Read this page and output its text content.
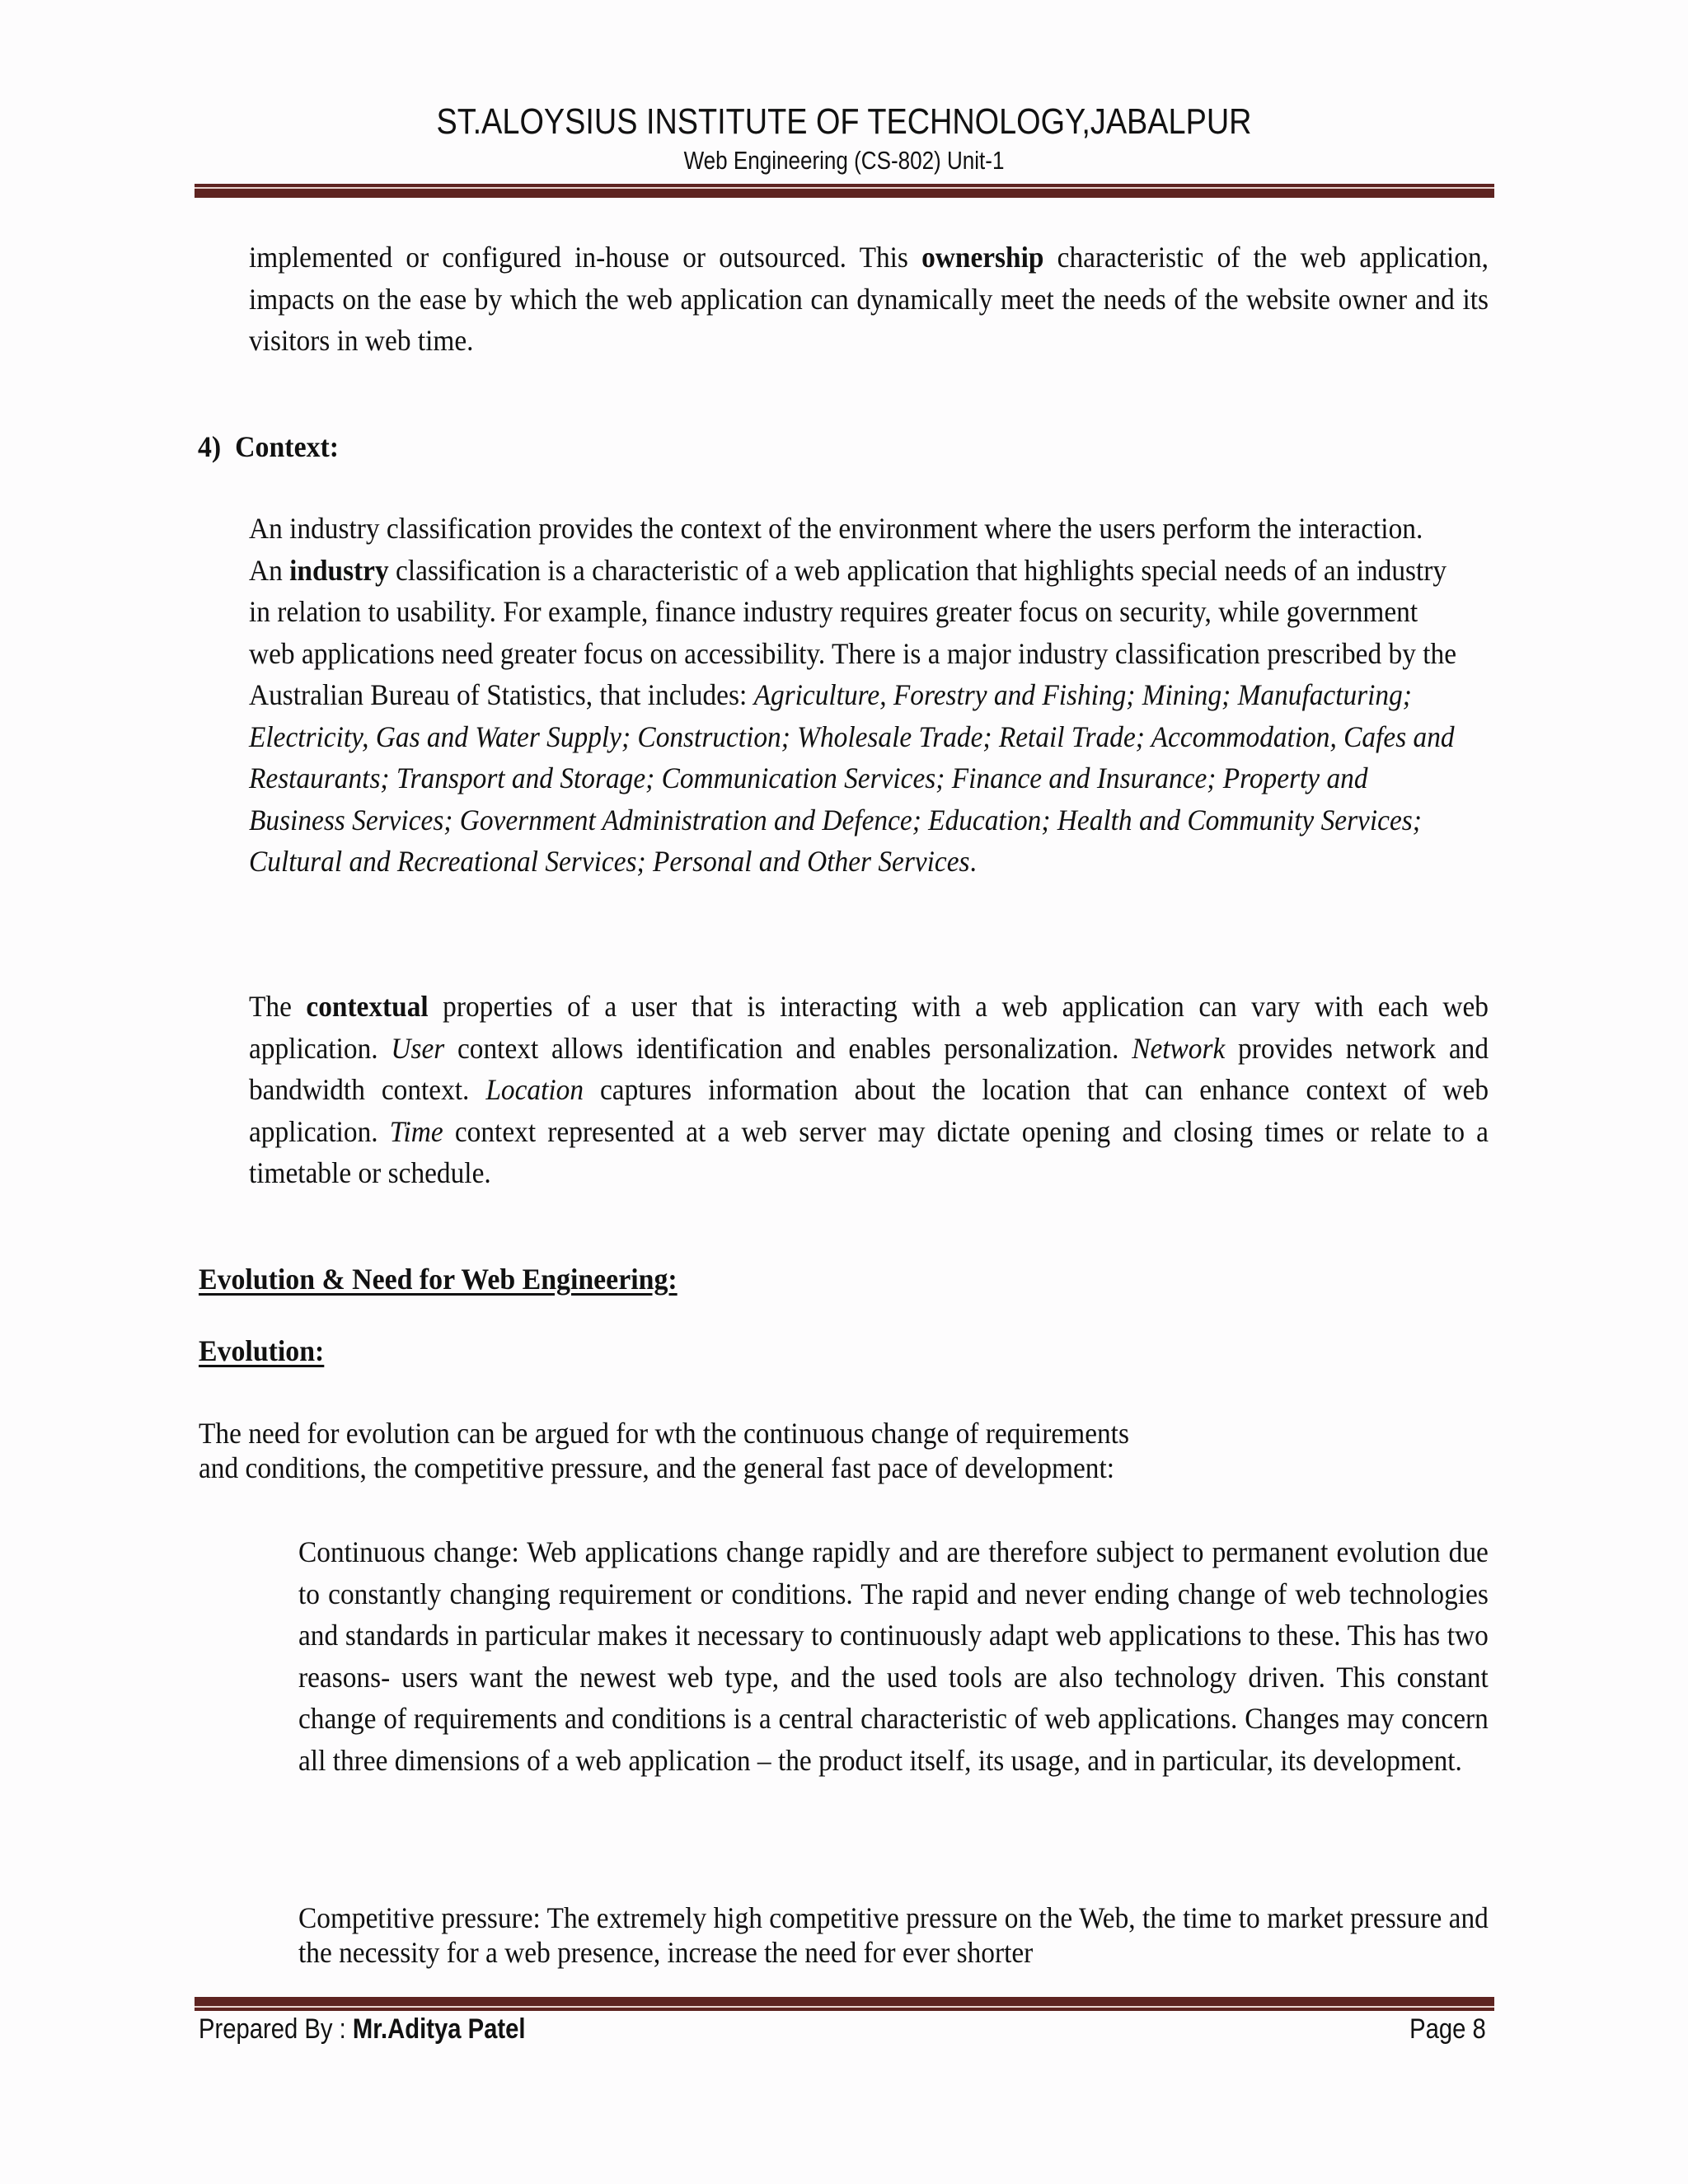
ST.ALOYSIUS INSTITUTE OF TECHNOLOGY,JABALPUR
Web Engineering (CS-802) Unit-1
implemented or configured in-house or outsourced. This ownership characteristic of the web application, impacts on the ease by which the web application can dynamically meet the needs of the website owner and its visitors in web time.
4) Context:
An industry classification provides the context of the environment where the users perform the interaction. An industry classification is a characteristic of a web application that highlights special needs of an industry in relation to usability. For example, finance industry requires greater focus on security, while government web applications need greater focus on accessibility. There is a major industry classification prescribed by the Australian Bureau of Statistics, that includes: Agriculture, Forestry and Fishing; Mining; Manufacturing; Electricity, Gas and Water Supply; Construction; Wholesale Trade; Retail Trade; Accommodation, Cafes and Restaurants; Transport and Storage; Communication Services; Finance and Insurance; Property and Business Services; Government Administration and Defence; Education; Health and Community Services; Cultural and Recreational Services; Personal and Other Services.
The contextual properties of a user that is interacting with a web application can vary with each web application. User context allows identification and enables personalization. Network provides network and bandwidth context. Location captures information about the location that can enhance context of web application. Time context represented at a web server may dictate opening and closing times or relate to a timetable or schedule.
Evolution & Need for Web Engineering:
Evolution:
The need for evolution can be argued for wth the continuous change of requirements
and conditions, the competitive pressure, and the general fast pace of development:
Continuous change: Web applications change rapidly and are therefore subject to permanent evolution due to constantly changing requirement or conditions. The rapid and never ending change of web technologies and standards in particular makes it necessary to continuously adapt web applications to these. This has two reasons- users want the newest web type, and the used tools are also technology driven. This constant change of requirements and conditions is a central characteristic of web applications. Changes may concern all three dimensions of a web application – the product itself, its usage, and in particular, its development.
Competitive pressure: The extremely high competitive pressure on the Web, the time to market pressure and the necessity for a web presence, increase the need for ever shorter
Prepared By : Mr.Aditya Patel	Page 8
